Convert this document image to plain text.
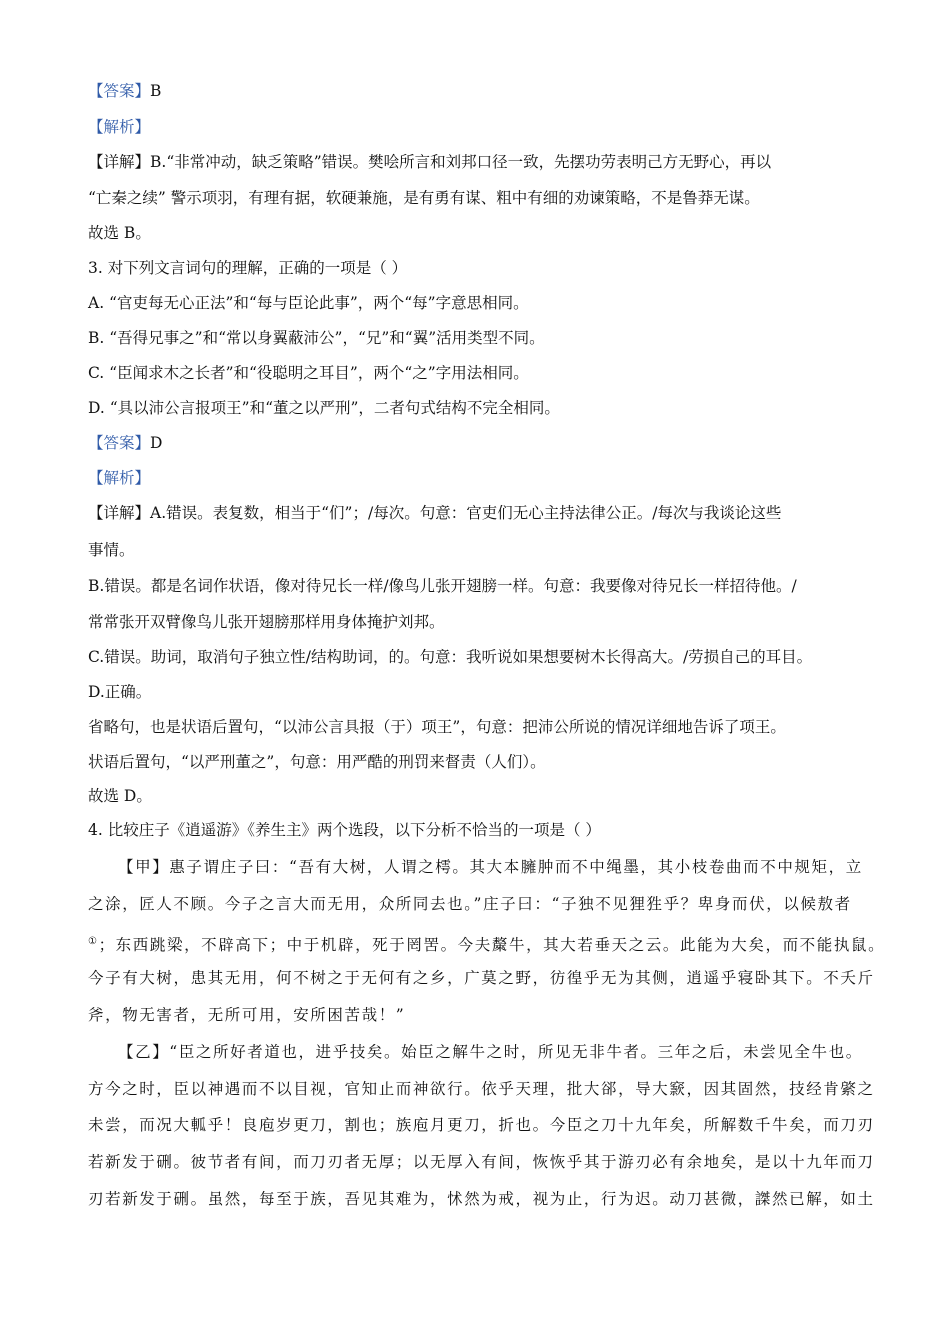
【答案】B
【解析】
【详解】B.“非常冲动，缺乏策略”错误。樊哙所言和刘邦口径一致，先摆功劳表明己方无野心，再以
“亡秦之续” 警示项羽，有理有据，软硬兼施，是有勇有谋、粗中有细的劝谏策略，不是鲁莽无谋。
故选 B。
3. 对下列文言词句的理解，正确的一项是（ ）
A. “官吏每无心正法”和“每与臣论此事”，两个“每”字意思相同。
B. “吾得兄事之”和“常以身翼蔽沛公”，“兄”和“翼”活用类型不同。
C. “臣闻求木之长者”和“役聪明之耳目”，两个“之”字用法相同。
D. “具以沛公言报项王”和“董之以严刑”，二者句式结构不完全相同。
【答案】D
【解析】
【详解】A.错误。表复数，相当于“们”；/每次。句意：官吏们无心主持法律公正。/每次与我谈论这些
事情。
B.错误。都是名词作状语，像对待兄长一样/像鸟儿张开翅膀一样。句意：我要像对待兄长一样招待他。/
常常张开双臂像鸟儿张开翅膀那样用身体掩护刘邦。
C.错误。助词，取消句子独立性/结构助词，的。句意：我听说如果想要树木长得高大。/劳损自己的耳目。
D.正确。
省略句，也是状语后置句，“以沛公言具报（于）项王”，句意：把沛公所说的情况详细地告诉了项王。
状语后置句，“以严刑董之”，句意：用严酷的刑罚来督责（人们）。
故选 D。
4. 比较庄子《逍遥游》《养生主》两个选段，以下分析不恰当的一项是（ ）
【甲】惠子谓庄子曰：“吾有大树，人谓之樗。其大本臃肿而不中绳墨，其小枝卷曲而不中规矩，立
之涂，匠人不顾。今子之言大而无用，众所同去也。”庄子曰：“子独不见狸狌乎？卑身而伏，以候敖者
①；东西跳梁，不辟高下；中于机辟，死于罔罟。今夫斄牛，其大若垂天之云。此能为大矣，而不能执鼠。
今子有大树，患其无用，何不树之于无何有之乡，广莫之野，彷徨乎无为其侧，逍遥乎寝卧其下。不夭斤
斧，物无害者，无所可用，安所困苦哉！”
【乙】“臣之所好者道也，进乎技矣。始臣之解牛之时，所见无非牛者。三年之后，未尝见全牛也。
方今之时，臣以神遇而不以目视，官知止而神欲行。依乎天理，批大郤，导大窾，因其固然，技经肯綮之
未尝，而况大軱乎！良庖岁更刀，割也；族庖月更刀，折也。今臣之刀十九年矣，所解数千牛矣，而刀刃
若新发于硎。彼节者有间，而刀刃者无厚；以无厚入有间，恢恢乎其于游刃必有余地矣，是以十九年而刀
刃若新发于硎。虽然，每至于族，吾见其难为，怵然为戒，视为止，行为迟。动刀甚微，謋然已解，如土
